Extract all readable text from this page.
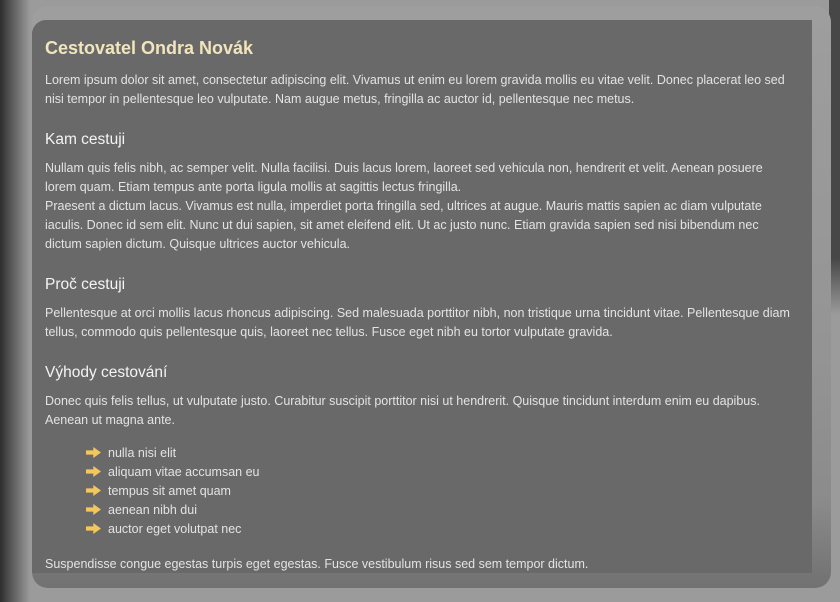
Cestovatel Ondra Novák

Lorem ipsum dolor sit amet, consectetur adipiscing elit. Vivamus ut enim eu lorem gravida mollis eu vitae velit. Donec placerat leo sed nisi tempor in pellentesque leo vulputate. Nam augue metus, fringilla ac auctor id, pellentesque nec metus.

Kam cestuji

Nullam quis felis nibh, ac semper velit. Nulla facilisi. Duis lacus lorem, laoreet sed vehicula non, hendrerit et velit. Aenean posuere lorem quam. Etiam tempus ante porta ligula mollis at sagittis lectus fringilla.

Praesent a dictum lacus. Vivamus est nulla, imperdiet porta fringilla sed, ultrices at augue. Mauris mattis sapien ac diam vulputate iaculis. Donec id sem elit. Nunc ut dui sapien, sit amet eleifend elit. Ut ac justo nunc. Etiam gravida sapien sed nisi bibendum nec dictum sapien dictum. Quisque ultrices auctor vehicula.

Proč cestuji

Pellentesque at orci mollis lacus rhoncus adipiscing. Sed malesuada porttitor nibh, non tristique urna tincidunt vitae. Pellentesque diam tellus, commodo quis pellentesque quis, laoreet nec tellus. Fusce eget nibh eu tortor vulputate gravida.

Výhody cestování

Donec quis felis tellus, ut vulputate justo. Curabitur suscipit porttitor nisi ut hendrerit. Quisque tincidunt interdum enim eu dapibus. Aenean ut magna ante.

nulla nisi elit
aliquam vitae accumsan eu
tempus sit amet quam
aenean nibh dui
auctor eget volutpat nec

Suspendisse congue egestas turpis eget egestas. Fusce vestibulum risus sed sem tempor dictum.
